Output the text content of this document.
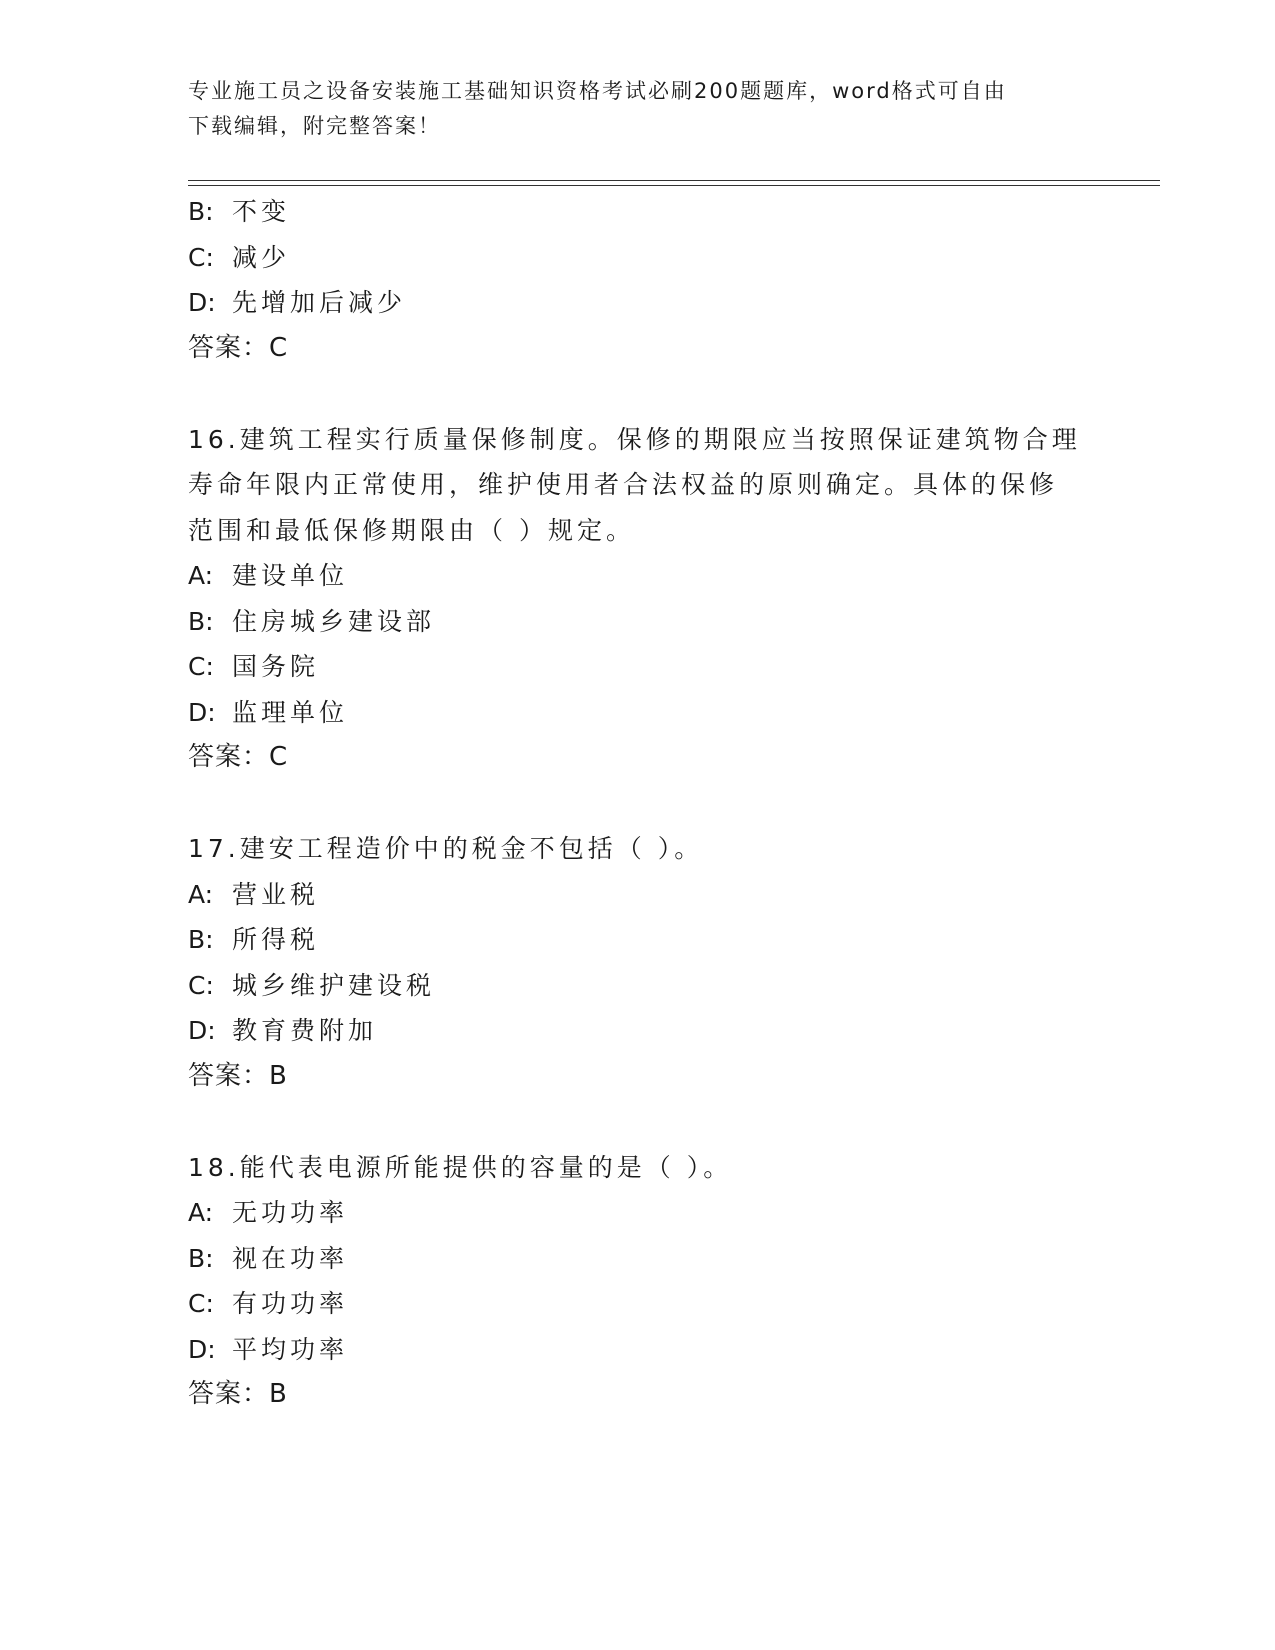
专业施工员之设备安装施工基础知识资格考试必刷200题题库，word格式可自由
下载编辑，附完整答案！
B: 不变
C: 减少
D: 先增加后减少
答案：C
16.建筑工程实行质量保修制度。保修的期限应当按照保证建筑物合理
寿命年限内正常使用，维护使用者合法权益的原则确定。具体的保修
范围和最低保修期限由（ ）规定。
A: 建设单位
B: 住房城乡建设部
C: 国务院
D: 监理单位
答案：C
17.建安工程造价中的税金不包括（ ）。
A: 营业税
B: 所得税
C: 城乡维护建设税
D: 教育费附加
答案：B
18.能代表电源所能提供的容量的是（ ）。
A: 无功功率
B: 视在功率
C: 有功功率
D: 平均功率
答案：B
